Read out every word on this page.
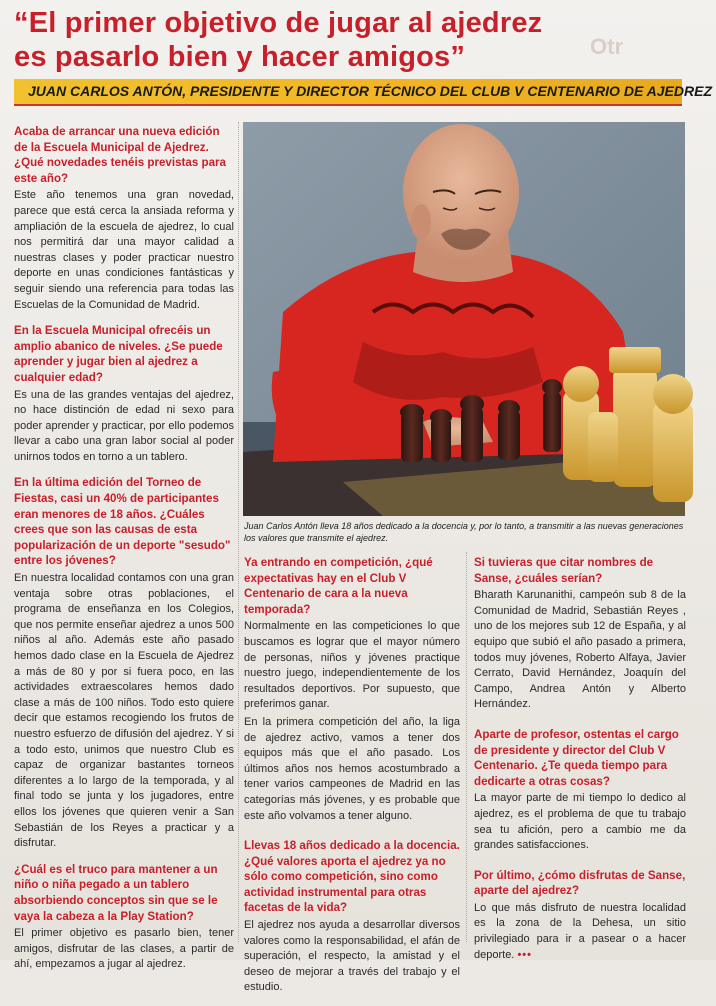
“El primer objetivo de jugar al ajedrez
es pasarlo bien y hacer amigos”	Otr
JUAN CARLOS ANTÓN, PRESIDENTE Y DIRECTOR TÉCNICO DEL CLUB V CENTENARIO DE AJEDREZ

Acaba de arrancar una nueva edición de la Escuela Municipal de Ajedrez. ¿Qué novedades tenéis previstas para este año?

Este año tenemos una gran novedad, parece que está cerca la ansiada reforma y ampliación de la escuela de ajedrez, lo cual nos permitirá dar una mayor calidad a nuestras clases y poder practicar nuestro deporte en unas condiciones fantásticas y seguir siendo una referencia para todas las Escuelas de la Comunidad de Madrid.

En la Escuela Municipal ofrecéis un amplio abanico de niveles. ¿Se puede aprender y jugar bien al ajedrez a cualquier edad?

Es una de las grandes ventajas del ajedrez, no hace distinción de edad ni sexo para poder aprender y practicar, por ello podemos llevar a cabo una gran labor social al poder unirnos todos en torno a un tablero.

En la última edición del Torneo de Fiestas, casi un 40% de participantes eran menores de 18 años. ¿Cuáles crees que son las causas de esta popularización de un deporte "sesudo" entre los jóvenes?

En nuestra localidad contamos con una gran ventaja sobre otras poblaciones, el programa de enseñanza en los Colegios, que nos permite enseñar ajedrez a unos 500 niños al año. Además este año pasado hemos dado clase en la Escuela de Ajedrez a más de 80 y por si fuera poco, en las actividades extraescolares hemos dado clase a más de 100 niños. Todo esto quiere decir que estamos recogiendo los frutos de nuestro esfuerzo de difusión del ajedrez. Y si a todo esto, unimos que nuestro Club es capaz de organizar bastantes torneos diferentes a lo largo de la temporada, y al final todo se junta y los jugadores, entre ellos los jóvenes que quieren venir a San Sebastián de los Reyes a practicar y a disfrutar.

¿Cuál es el truco para mantener a un niño o niña pegado a un tablero absorbiendo conceptos sin que se le vaya la cabeza a la Play Station?

El primer objetivo es pasarlo bien, tener amigos, disfrutar de las clases, a partir de ahí, empezamos a jugar al ajedrez.

Juan Carlos Antón lleva 18 años dedicado a la docencia y, por lo tanto, a transmitir a las nuevas generaciones los valores que transmite el ajedrez.

Ya entrando en competición, ¿qué expectativas hay en el Club V Centenario de cara a la nueva temporada?

Normalmente en las competiciones lo que buscamos es lograr que el mayor número de personas, niños y jóvenes practique nuestro juego, independientemente de los resultados deportivos. Por supuesto, que preferimos ganar.

En la primera competición del año, la liga de ajedrez activo, vamos a tener dos equipos más que el año pasado. Los últimos años nos hemos acostumbrado a tener varios campeones de Madrid en las categorías más jóvenes, y es probable que este año volvamos a tener alguno.

Llevas 18 años dedicado a la docencia. ¿Qué valores aporta el ajedrez ya no sólo como competición, sino como actividad instrumental para otras facetas de la vida?

El ajedrez nos ayuda a desarrollar diversos valores como la responsabilidad, el afán de superación, el respecto, la amistad y el deseo de mejorar a través del trabajo y el estudio.

Si tuvieras que citar nombres de Sanse, ¿cuáles serían?

Bharath Karunanithi, campeón sub 8 de la Comunidad de Madrid, Sebastián Reyes , uno de los mejores sub 12 de España, y al equipo que subió el año pasado a primera, todos muy jóvenes, Roberto Alfaya, Javier Cerrato, David Hernández, Joaquín del Campo, Andrea Antón y Alberto Hernández.

Aparte de profesor, ostentas el cargo de presidente y director del Club V Centenario. ¿Te queda tiempo para dedicarte a otras cosas?

La mayor parte de mi tiempo lo dedico al ajedrez, es el problema de que tu trabajo sea tu afición, pero a cambio me da grandes satisfacciones.

Por último, ¿cómo disfrutas de Sanse, aparte del ajedrez?

Lo que más disfruto de nuestra localidad es la zona de la Dehesa, un sitio privilegiado para ir a pasear o a hacer deporte. •••
